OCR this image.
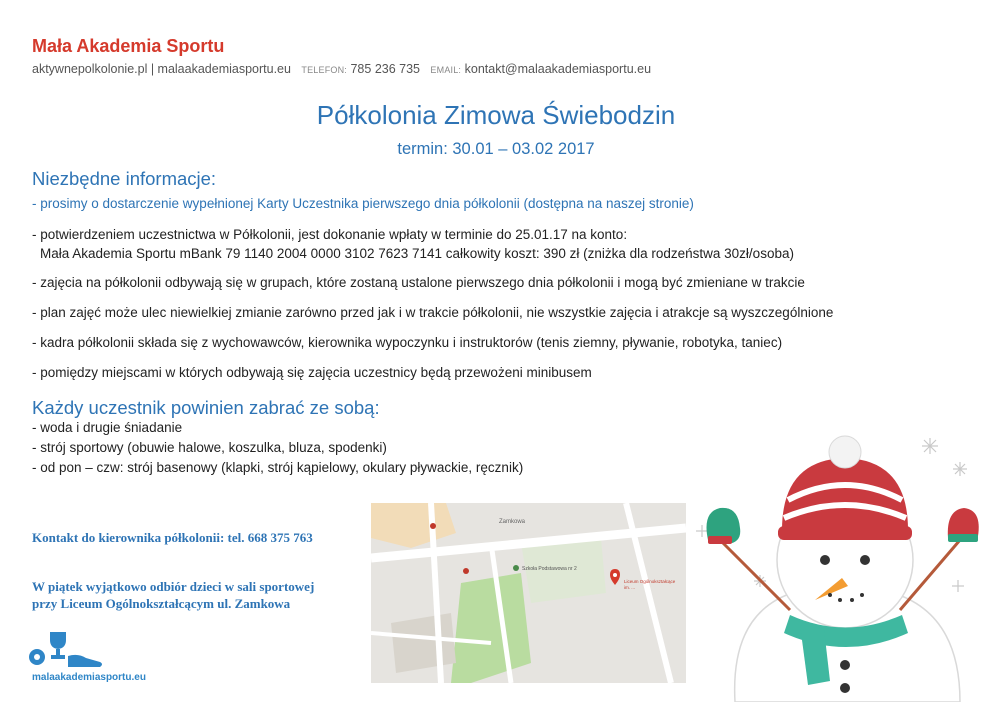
Mała Akademia Sportu
aktywnepolkolonie.pl | malaakademiasportu.eu TELEFON: 785 236 735 EMAIL: kontakt@malaakademiasportu.eu
Półkolonia Zimowa Świebodzin
termin: 30.01 – 03.02 2017
Niezbędne informacje:
- prosimy o dostarczenie wypełnionej Karty Uczestnika pierwszego dnia półkolonii (dostępna na naszej stronie)
- potwierdzeniem uczestnictwa w Półkolonii, jest dokonanie wpłaty w terminie do 25.01.17 na konto:
Mała Akademia Sportu mBank 79 1140 2004 0000 3102 7623 7141 całkowity koszt: 390 zł (zniżka dla rodzeństwa 30zł/osoba)
- zajęcia na półkolonii odbywają się w grupach, które zostaną ustalone pierwszego dnia półkolonii i mogą być zmieniane w trakcie
- plan zajęć może ulec niewielkiej zmianie zarówno przed jak i w trakcie półkolonii, nie wszystkie zajęcia i atrakcje są wyszczególnione
- kadra półkolonii składa się z wychowawców, kierownika wypoczynku i instruktorów (tenis ziemny, pływanie, robotyka, taniec)
- pomiędzy miejscami w których odbywają się zajęcia uczestnicy będą przewożeni minibusem
Każdy uczestnik powinien zabrać ze sobą:
- woda i drugie śniadanie
- strój sportowy (obuwie halowe, koszulka, bluza, spodenki)
- od pon – czw: strój basenowy (klapki, strój kąpielowy, okulary pływackie, ręcznik)
Kontakt do kierownika półkolonii: tel. 668 375 763
W piątek wyjątkowo odbiór dzieci w sali sportowej
przy Liceum Ogólnokształcącym ul. Zamkowa
malaakademiasportu.eu
Zamkowa
Szkoła Podstawowa nr 2
Liceum Ogólnokształcące
im. ...
